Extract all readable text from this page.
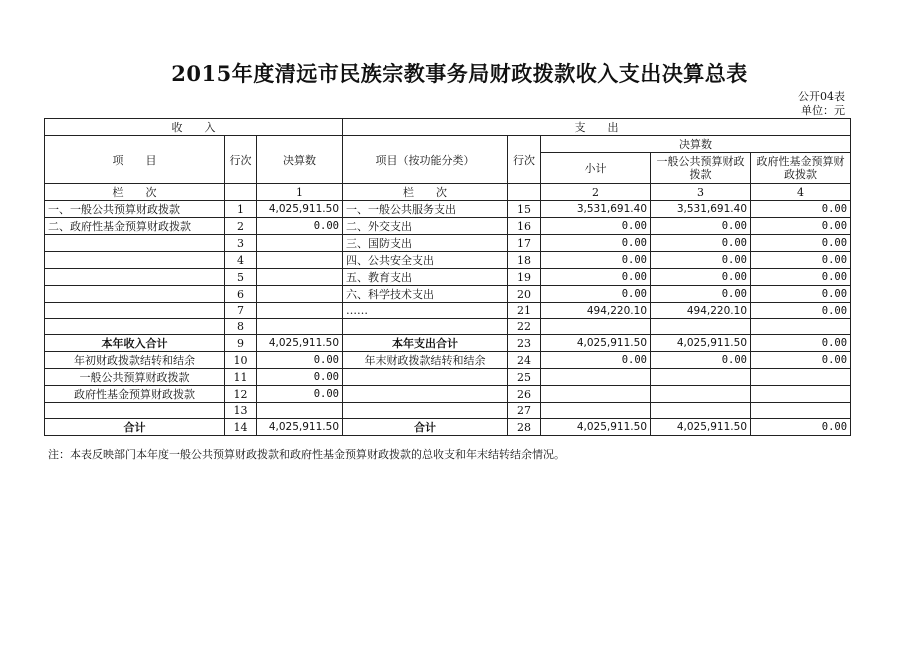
2015年度清远市民族宗教事务局财政拨款收入支出决算总表
公开04表
单位：元
收　　入			支　　出				
项　　目	行次	决算数	项目（按功能分类）	行次	决算数		
					小计	一般公共预算财政拨款	政府性基金预算财政拨款
栏　　次		1	栏　　次		2	3	4
一、一般公共预算财政拨款	1	4,025,911.50	一、一般公共服务支出	15	3,531,691.40	3,531,691.40	0.00
二、政府性基金预算财政拨款	2	0.00	二、外交支出	16	0.00	0.00	0.00
	3		三、国防支出	17	0.00	0.00	0.00
	4		四、公共安全支出	18	0.00	0.00	0.00
	5		五、教育支出	19	0.00	0.00	0.00
	6		六、科学技术支出	20	0.00	0.00	0.00
	7		……	21	494,220.10	494,220.10	0.00
	8			22			
本年收入合计	9	4,025,911.50	本年支出合计	23	4,025,911.50	4,025,911.50	0.00
年初财政拨款结转和结余	10	0.00	年末财政拨款结转和结余	24	0.00	0.00	0.00
一般公共预算财政拨款	11	0.00		25			
政府性基金预算财政拨款	12	0.00		26			
	13			27			
合计	14	4,025,911.50	合计	28	4,025,911.50	4,025,911.50	0.00
注：本表反映部门本年度一般公共预算财政拨款和政府性基金预算财政拨款的总收支和年末结转结余情况。
